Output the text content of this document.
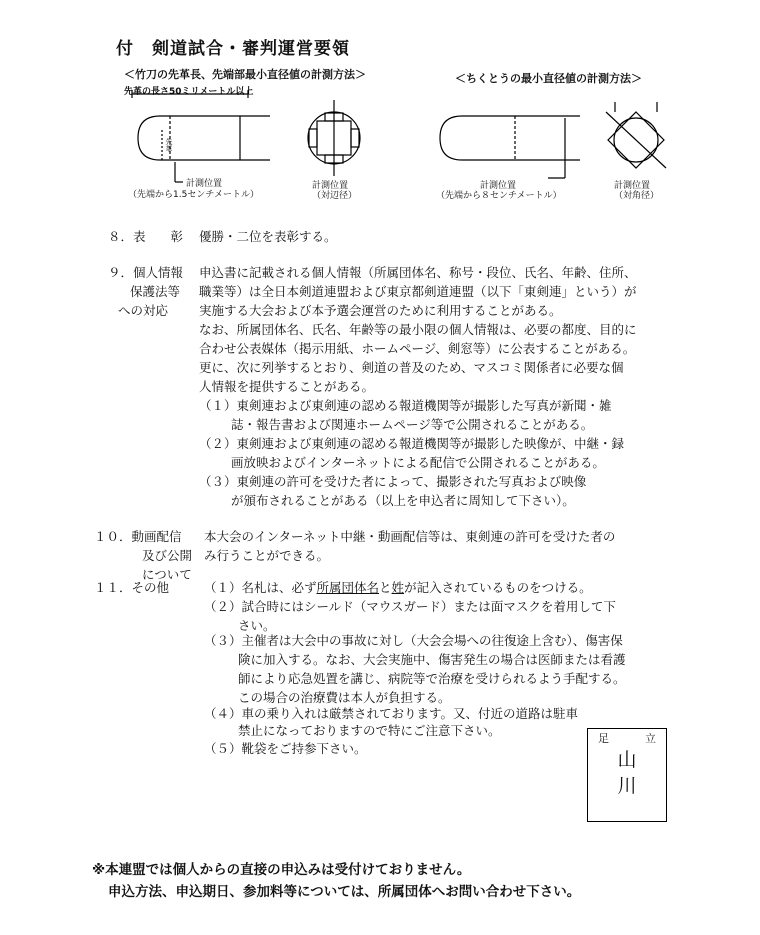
付　剣道試合・審判運営要領
＜竹刀の先革長、先端部最小直径値の計測方法＞
先革の長さ50ミリメートル以上
＜ちくとうの最小直径値の計測方法＞
先革
計測位置
（先端から1.5センチメートル）
計測位置
（対辺径）
計測位置
（先端から８センチメートル）
計測位置
（対角径）
８．表　　彰 優勝・二位を表彰する。
９．個人情報
保護法等
への対応
申込書に記載される個人情報（所属団体名、称号・段位、氏名、年齢、住所、
職業等）は全日本剣道連盟および東京都剣道連盟（以下「東剣連」という）が
実施する大会および本予選会運営のために利用することがある。
なお、所属団体名、氏名、年齢等の最小限の個人情報は、必要の都度、目的に
合わせ公表媒体（掲示用紙、ホームページ、剣窓等）に公表することがある。
更に、次に列挙するとおり、剣道の普及のため、マスコミ関係者に必要な個
人情報を提供することがある。
（１）東剣連および東剣連の認める報道機関等が撮影した写真が新聞・雑
誌・報告書および関連ホームページ等で公開されることがある。
（２）東剣連および東剣連の認める報道機関等が撮影した映像が、中継・録
画放映およびインターネットによる配信で公開されることがある。
（３）東剣連の許可を受けた者によって、撮影された写真および映像
が頒布されることがある（以上を申込者に周知して下さい）。
１０．動画配信
及び公開
について
本大会のインターネット中継・動画配信等は、東剣連の許可を受けた者の
み行うことができる。
１１．その他	（１）名札は、必ず所属団体名と姓が記入されているものをつける。
（２）試合時にはシールド（マウスガード）または面マスクを着用して下
さい。
（３）主催者は大会中の事故に対し（大会会場への往復途上含む）、傷害保
険に加入する。なお、大会実施中、傷害発生の場合は医師または看護
師により応急処置を講じ、病院等で治療を受けられるよう手配する。
この場合の治療費は本人が負担する。
（４）車の乗り入れは厳禁されております。又、付近の道路は駐車
禁止になっておりますので特にご注意下さい。
（５）靴袋をご持参下さい。
足	立
山
川
※本連盟では個人からの直接の申込みは受付けておりません。
申込方法、申込期日、参加料等については、所属団体へお問い合わせ下さい。
